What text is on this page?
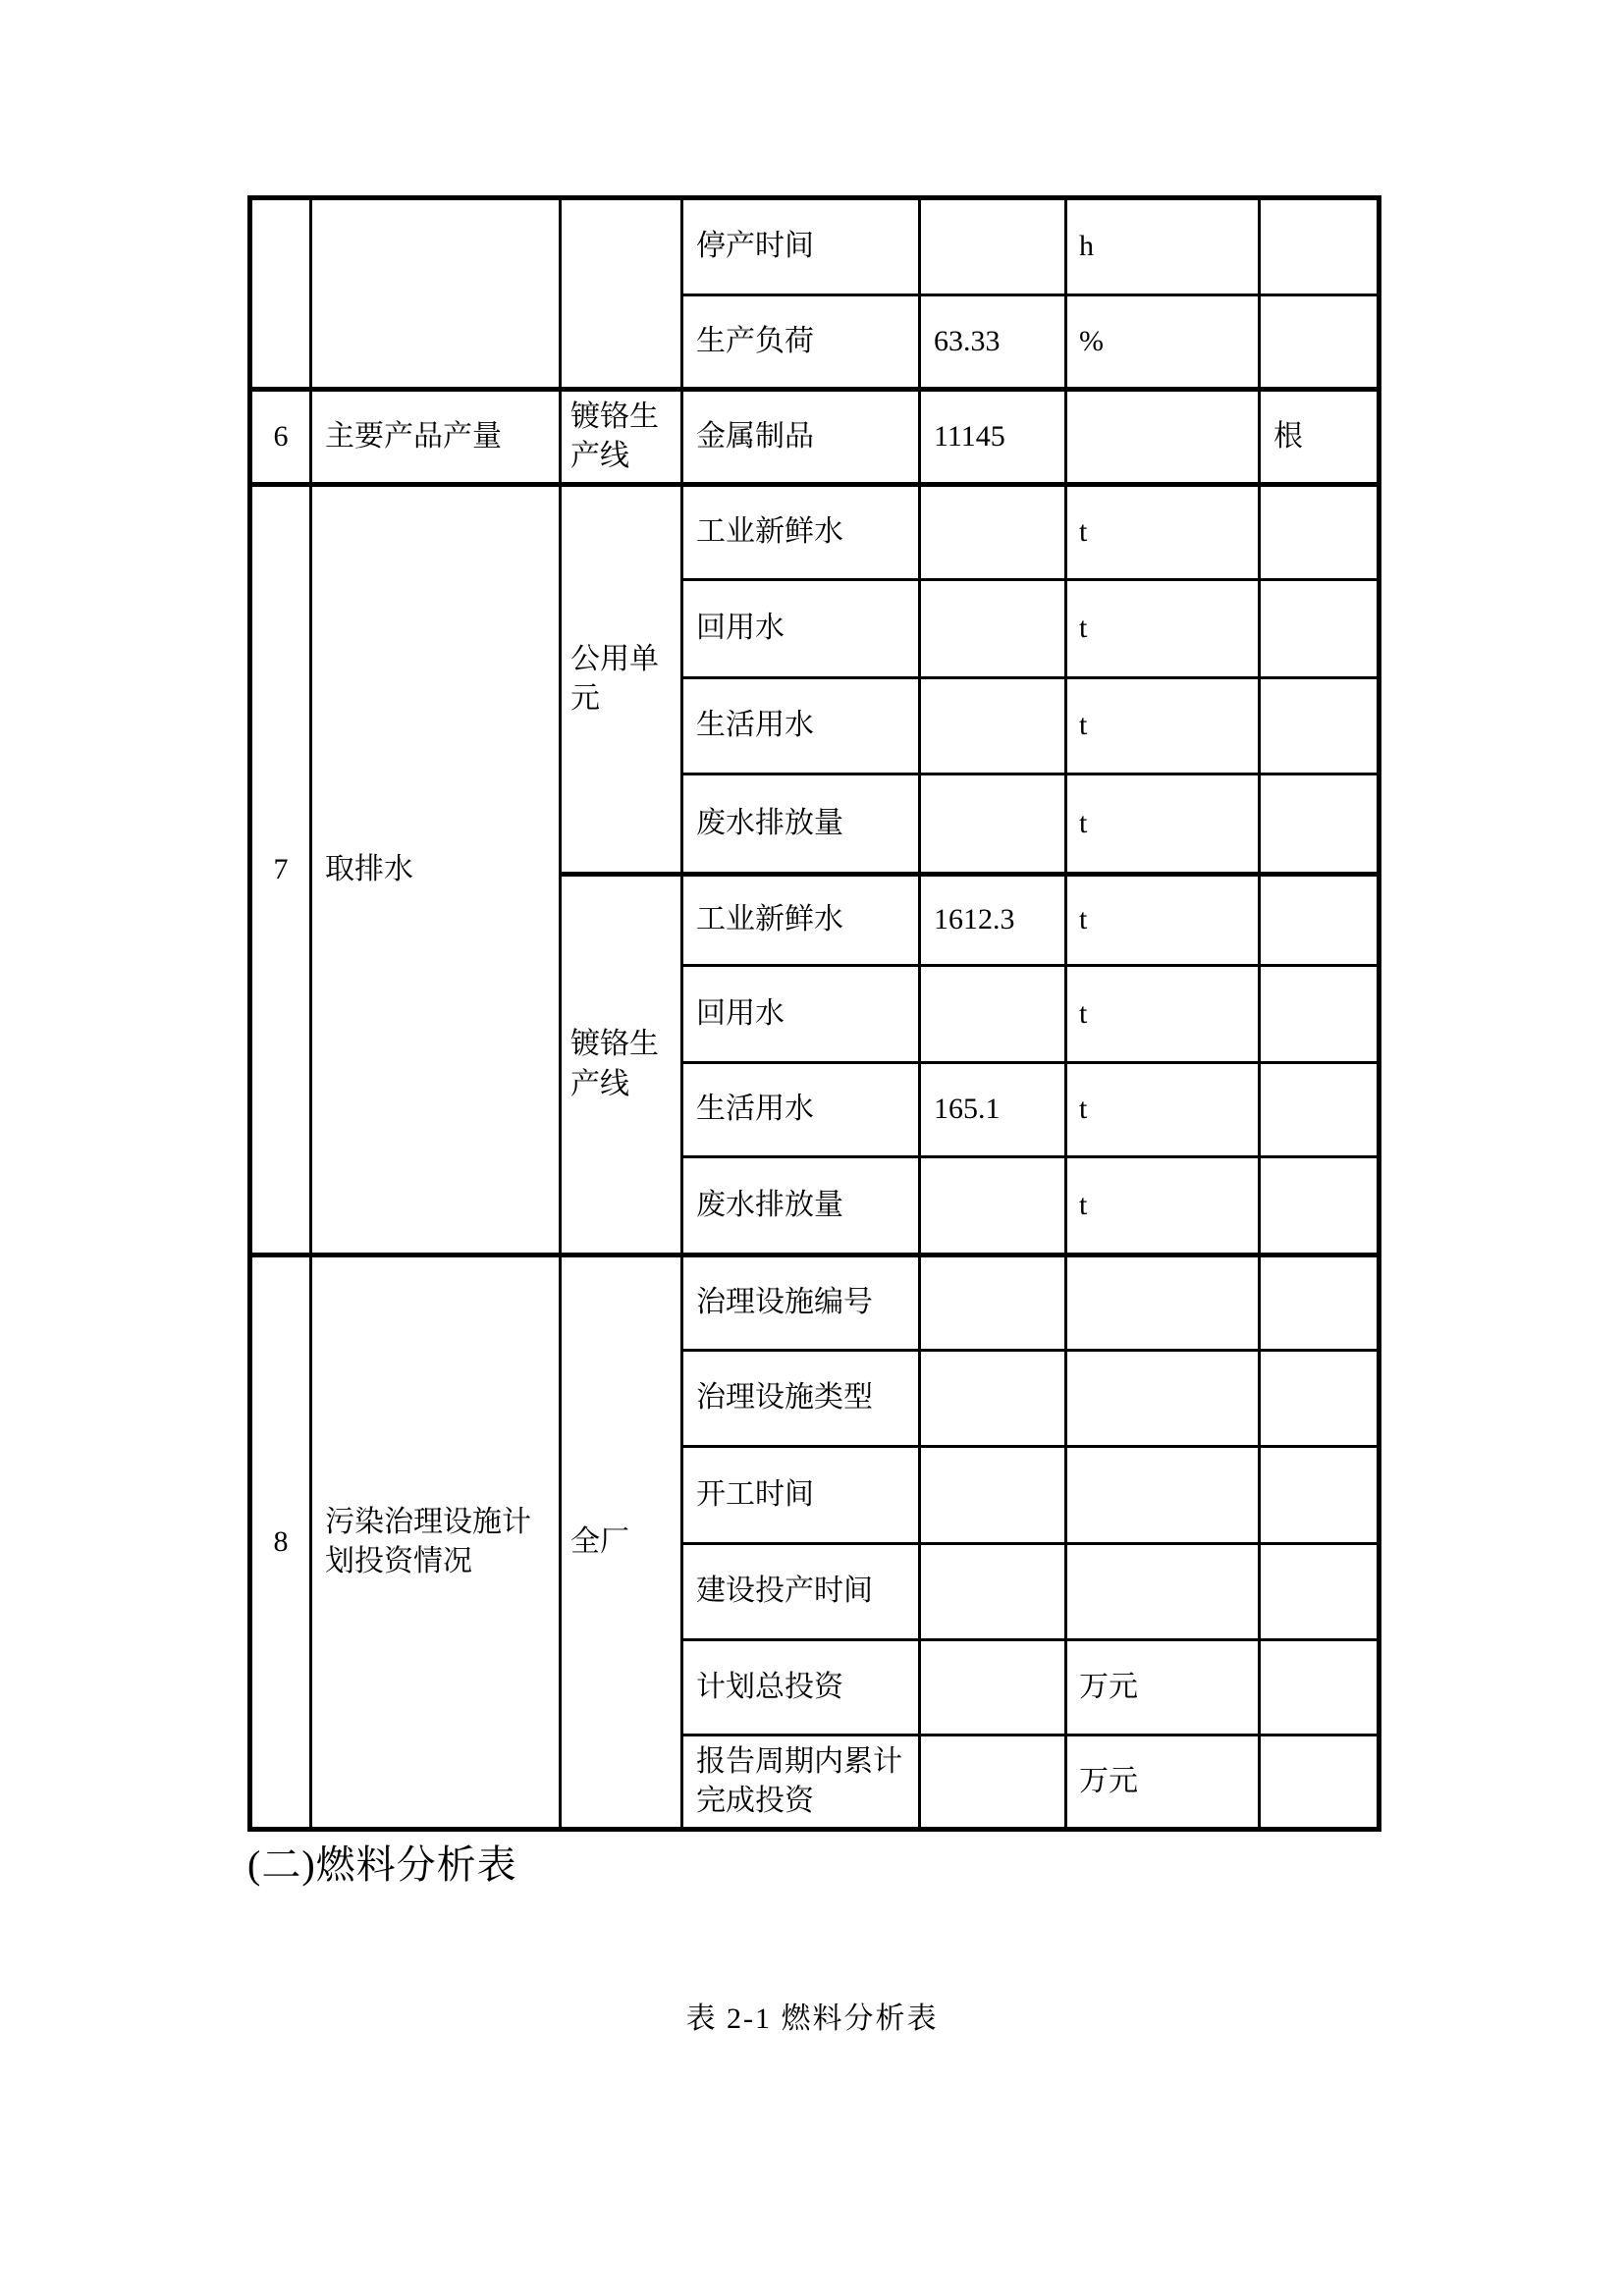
			停产时间		h	
			生产负荷	63.33	%	
6	主要产品产量	镀铬生产线	金属制品	11145		根
7	取排水	公用单元	工业新鲜水		t	
			回用水		t	
			生活用水		t	
			废水排放量		t	
		镀铬生产线	工业新鲜水	1612.3	t	
			回用水		t	
			生活用水	165.1	t	
			废水排放量		t	
8	污染治理设施计划投资情况	全厂	治理设施编号			
			治理设施类型			
			开工时间			
			建设投产时间			
			计划总投资		万元	
			报告周期内累计完成投资		万元	
(二)燃料分析表
表 2-1 燃料分析表
